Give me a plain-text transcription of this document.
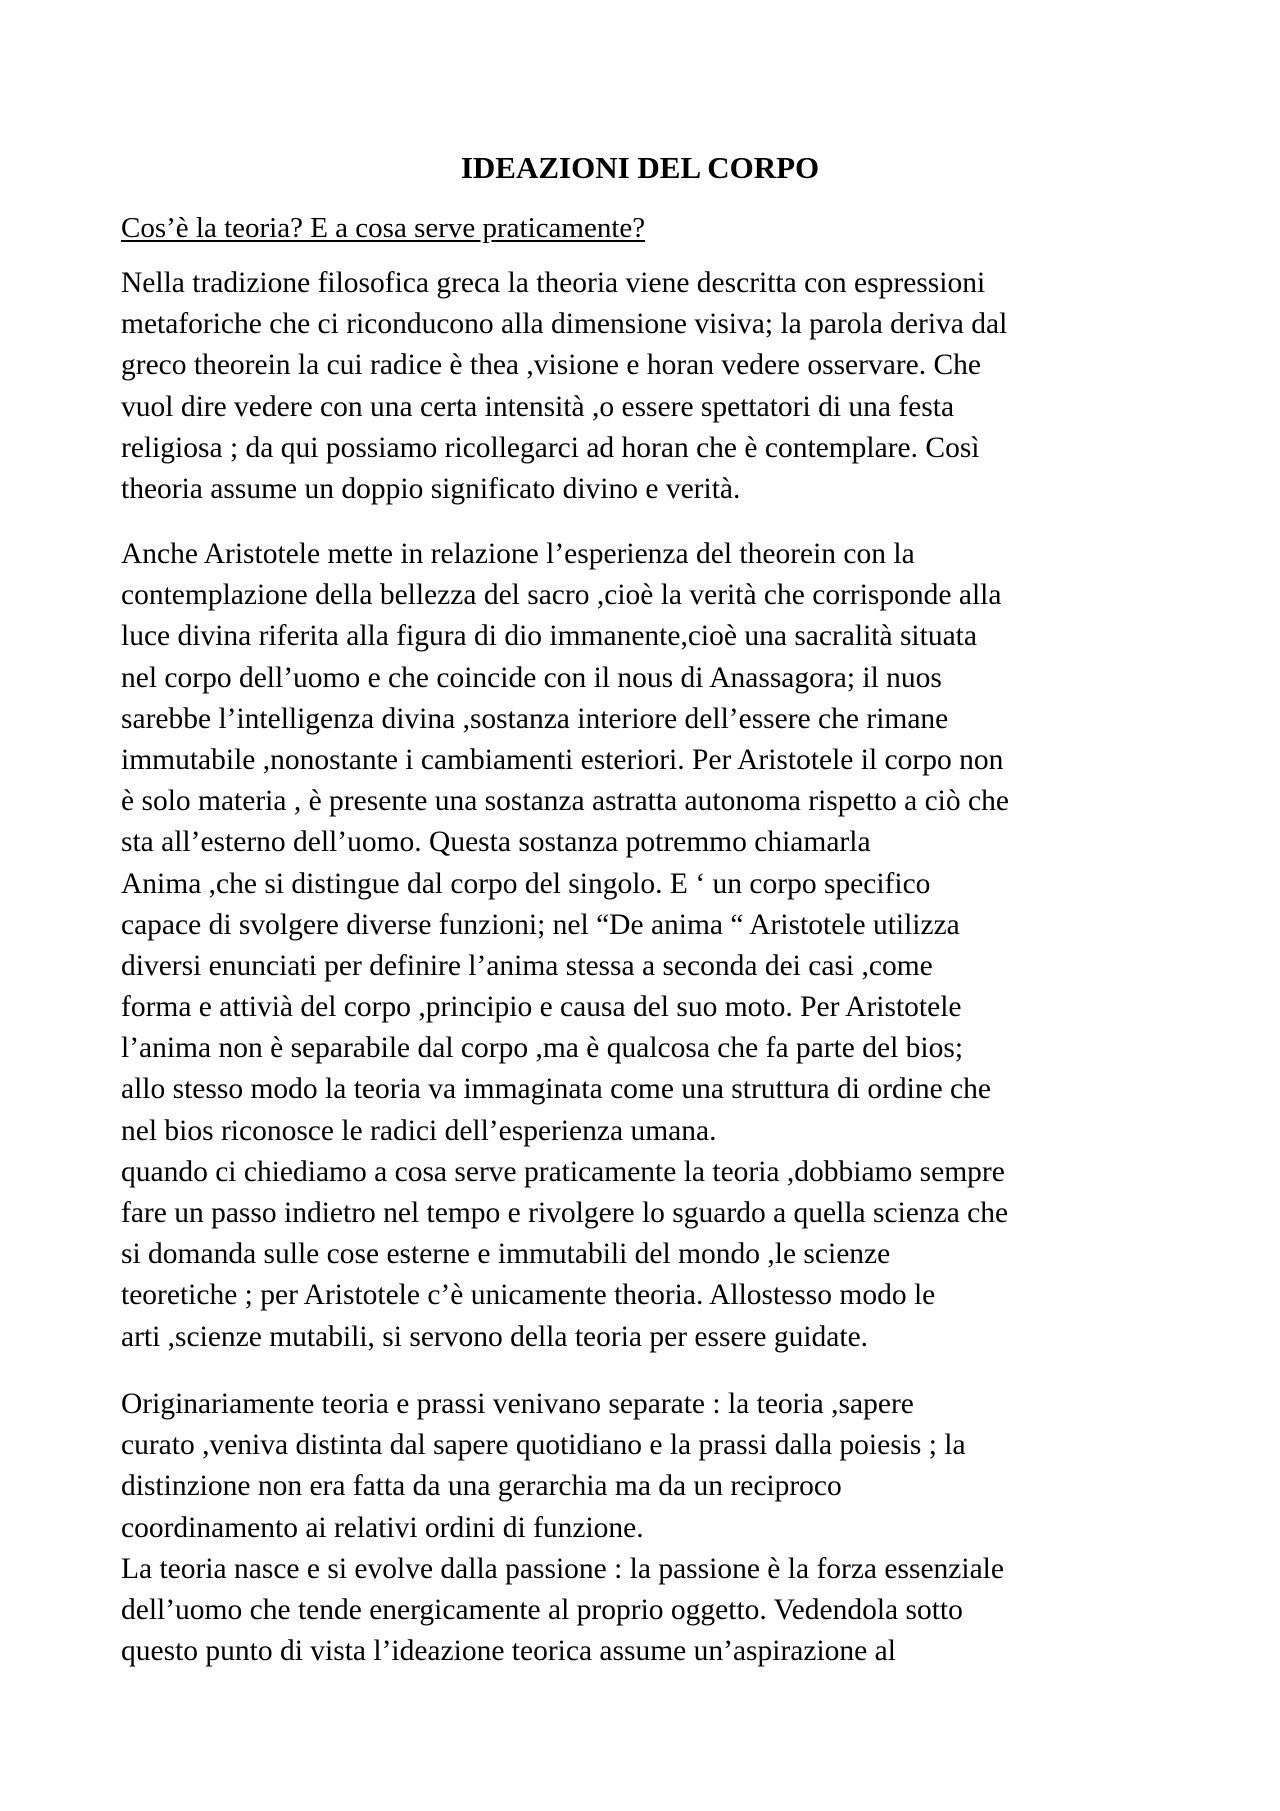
IDEAZIONI DEL CORPO

Cos’è la teoria? E a cosa serve praticamente?

Nella tradizione filosofica greca la theoria viene descritta con espressioni
metaforiche che ci riconducono alla dimensione visiva; la parola deriva dal
greco theorein la cui radice è thea ,visione e horan vedere osservare. Che
vuol dire vedere con una certa intensità ,o essere spettatori di una festa
religiosa ; da qui possiamo ricollegarci ad horan che è contemplare. Così
theoria assume un doppio significato divino e verità.
Anche Aristotele mette in relazione l’esperienza del theorein con la
contemplazione della bellezza del sacro ,cioè la verità che corrisponde alla
luce divina riferita alla figura di dio immanente,cioè una sacralità situata
nel corpo dell’uomo e che coincide con il nous di Anassagora; il nuos
sarebbe l’intelligenza divina ,sostanza interiore dell’essere che rimane
immutabile ,nonostante i cambiamenti esteriori. Per Aristotele il corpo non
è solo materia , è presente una sostanza astratta autonoma rispetto a ciò che
sta all’esterno dell’uomo. Questa sostanza potremmo chiamarla
Anima ,che si distingue dal corpo del singolo. E ‘ un corpo specifico
capace di svolgere diverse funzioni; nel “De anima “ Aristotele utilizza
diversi enunciati per definire l’anima stessa a seconda dei casi ,come
forma e attivià del corpo ,principio e causa del suo moto. Per Aristotele
l’anima non è separabile dal corpo ,ma è qualcosa che fa parte del bios;
allo stesso modo la teoria va immaginata come una struttura di ordine che
nel bios riconosce le radici dell’esperienza umana.
quando ci chiediamo a cosa serve praticamente la teoria ,dobbiamo sempre
fare un passo indietro nel tempo e rivolgere lo sguardo a quella scienza che
si domanda sulle cose esterne e immutabili del mondo ,le scienze
teoretiche ; per Aristotele c’è unicamente theoria. Allostesso modo le
arti ,scienze mutabili, si servono della teoria per essere guidate.
Originariamente teoria e prassi venivano separate : la teoria ,sapere
curato ,veniva distinta dal sapere quotidiano e la prassi dalla poiesis ; la
distinzione non era fatta da una gerarchia ma da un reciproco
coordinamento ai relativi ordini di funzione.
La teoria nasce e si evolve dalla passione : la passione è la forza essenziale
dell’uomo che tende energicamente al proprio oggetto. Vedendola sotto
questo punto di vista l’ideazione teorica assume un’aspirazione al
